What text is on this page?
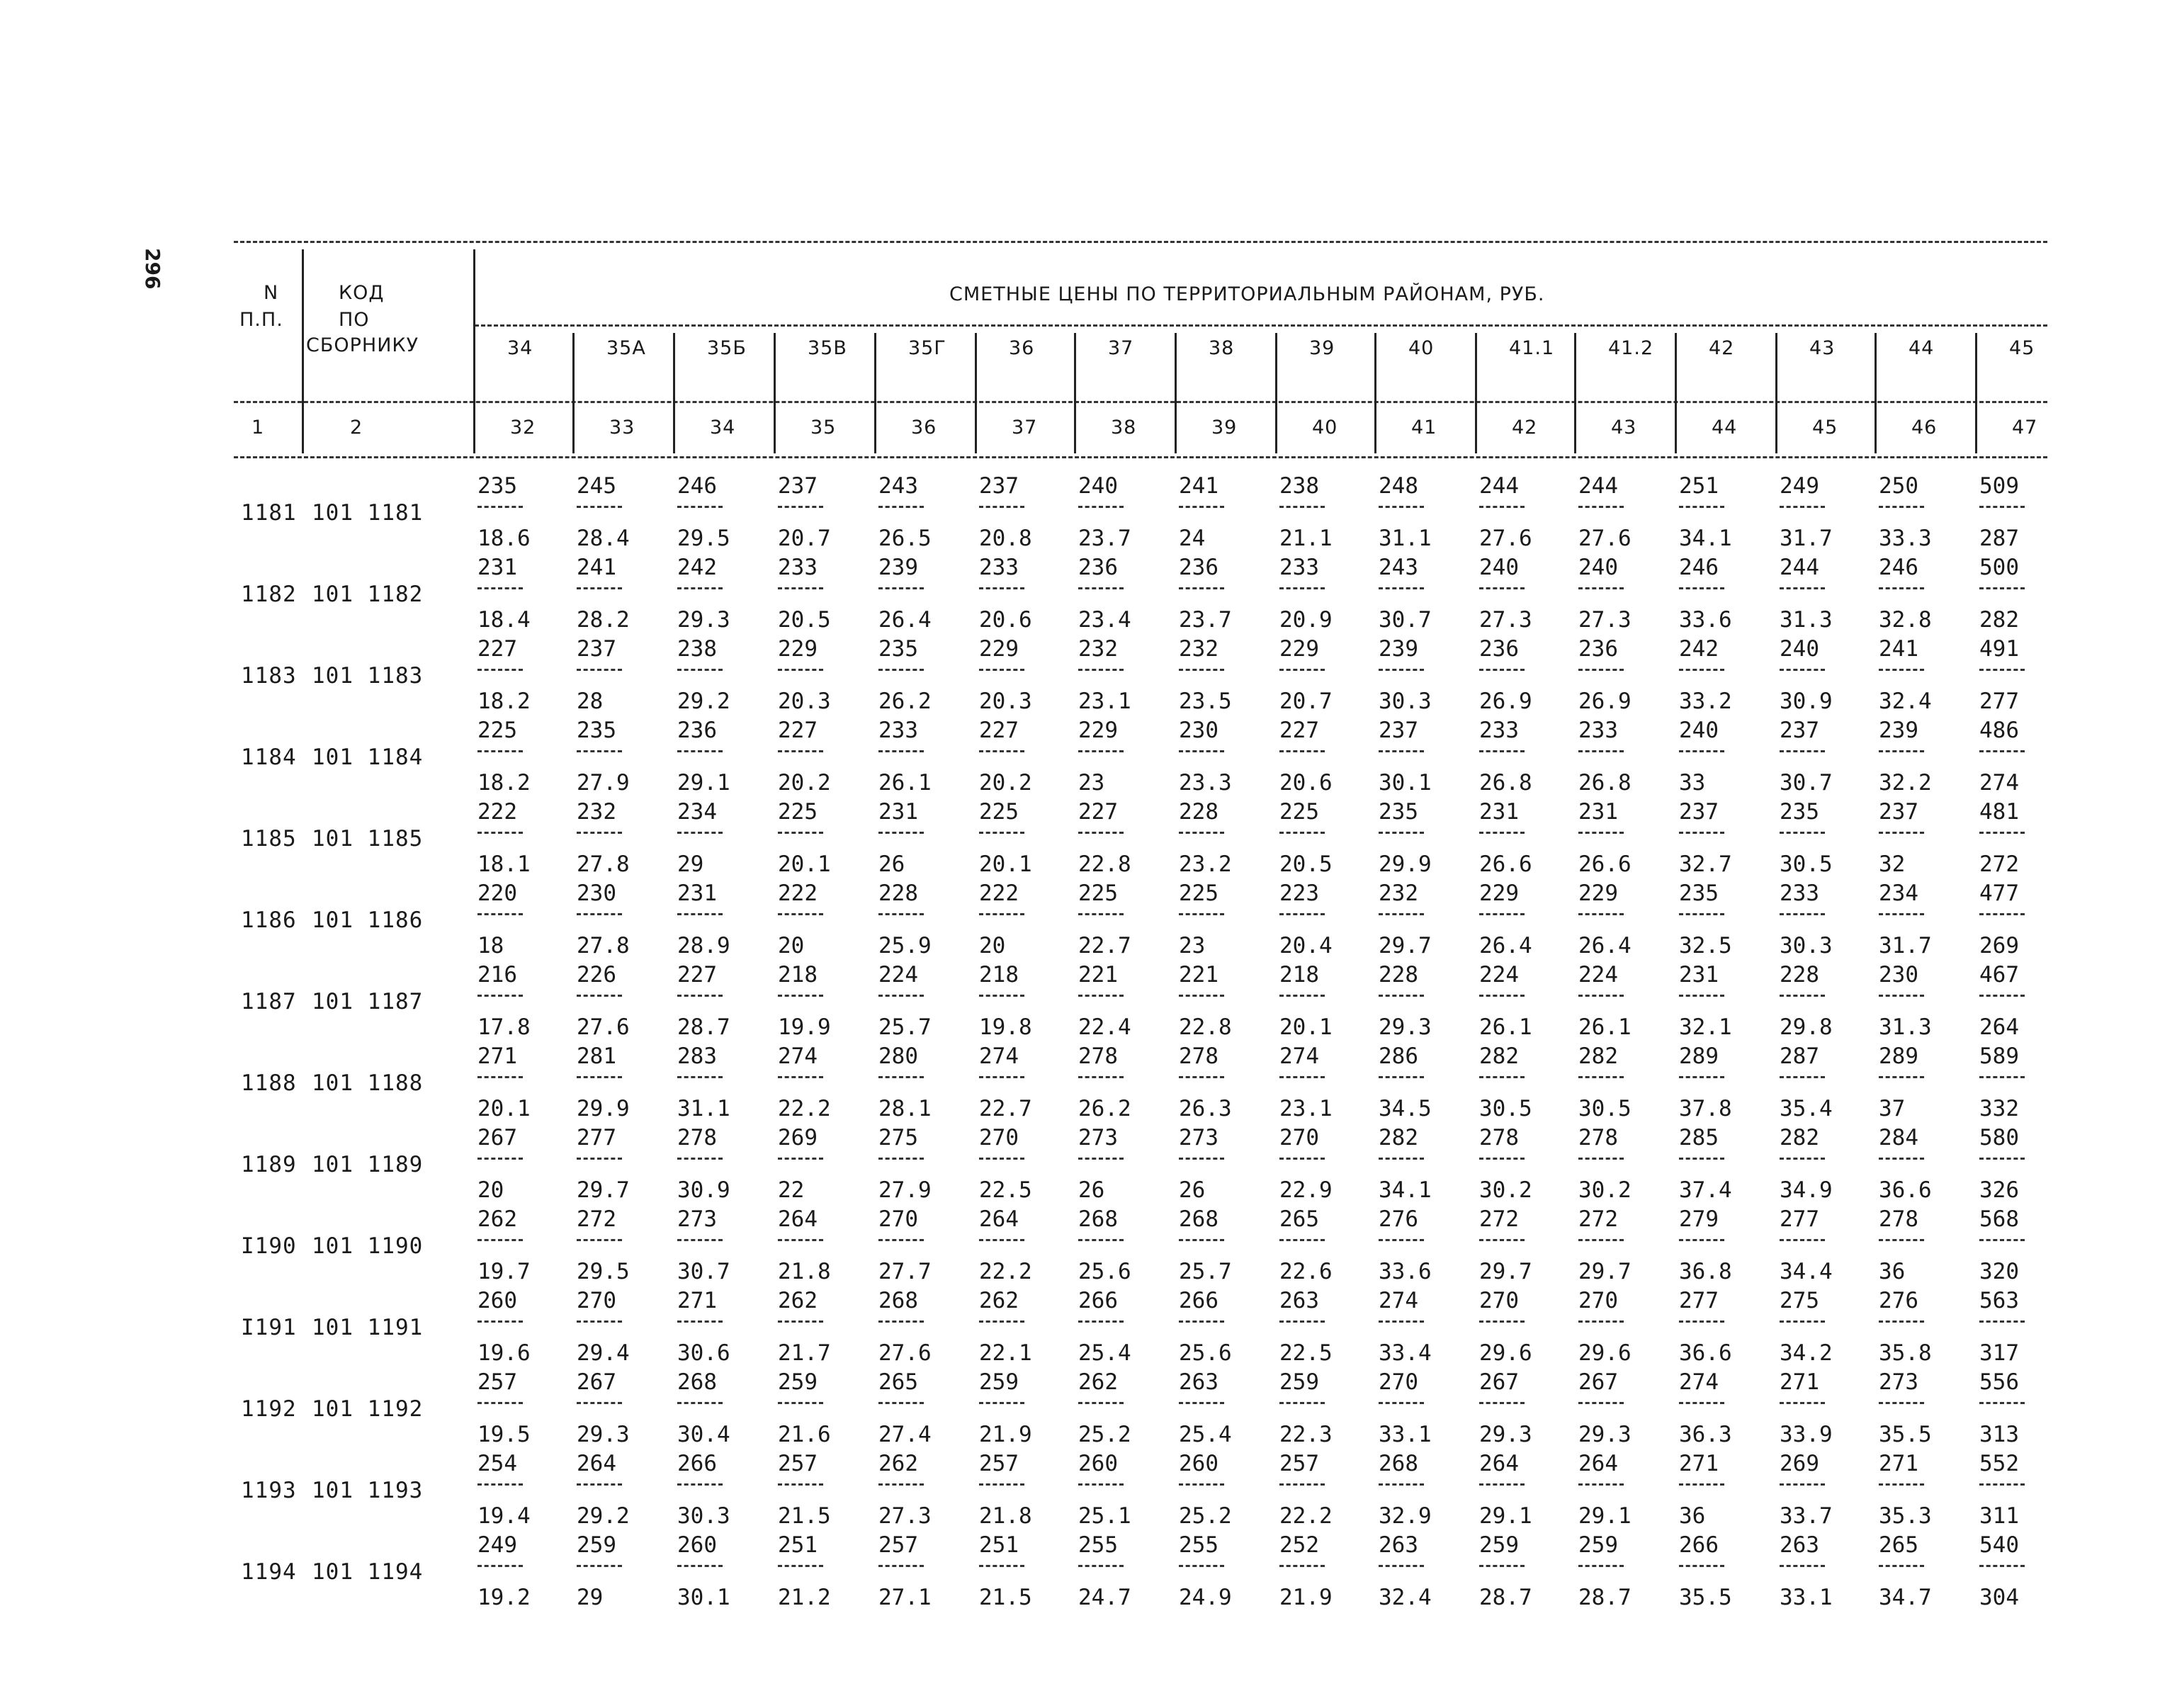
296
N
П.П.
КОД
ПО
СБОРНИКУ
СМЕТНЫЕ ЦЕНЫ ПО ТЕРРИТОРИАЛЬНЫМ РАЙОНАМ, РУБ.
1	2
34
32
35А
33
35Б
34
35В
35
35Г
36
36
37
37
38
38
39
39
40
40
41
41.1
42
41.2
43
42
44
43
45
44
46
45
47
1181 101 1181
235
18.6
245
28.4
246
29.5
237
20.7
243
26.5
237
20.8
240
23.7
241
24
238
21.1
248
31.1
244
27.6
244
27.6
251
34.1
249
31.7
250
33.3
509
287
1182 101 1182
231
18.4
241
28.2
242
29.3
233
20.5
239
26.4
233
20.6
236
23.4
236
23.7
233
20.9
243
30.7
240
27.3
240
27.3
246
33.6
244
31.3
246
32.8
500
282
1183 101 1183
227
18.2
237
28
238
29.2
229
20.3
235
26.2
229
20.3
232
23.1
232
23.5
229
20.7
239
30.3
236
26.9
236
26.9
242
33.2
240
30.9
241
32.4
491
277
1184 101 1184
225
18.2
235
27.9
236
29.1
227
20.2
233
26.1
227
20.2
229
23
230
23.3
227
20.6
237
30.1
233
26.8
233
26.8
240
33
237
30.7
239
32.2
486
274
1185 101 1185
222
18.1
232
27.8
234
29
225
20.1
231
26
225
20.1
227
22.8
228
23.2
225
20.5
235
29.9
231
26.6
231
26.6
237
32.7
235
30.5
237
32
481
272
1186 101 1186
220
18
230
27.8
231
28.9
222
20
228
25.9
222
20
225
22.7
225
23
223
20.4
232
29.7
229
26.4
229
26.4
235
32.5
233
30.3
234
31.7
477
269
1187 101 1187
216
17.8
226
27.6
227
28.7
218
19.9
224
25.7
218
19.8
221
22.4
221
22.8
218
20.1
228
29.3
224
26.1
224
26.1
231
32.1
228
29.8
230
31.3
467
264
1188 101 1188
271
20.1
281
29.9
283
31.1
274
22.2
280
28.1
274
22.7
278
26.2
278
26.3
274
23.1
286
34.5
282
30.5
282
30.5
289
37.8
287
35.4
289
37
589
332
1189 101 1189
267
20
277
29.7
278
30.9
269
22
275
27.9
270
22.5
273
26
273
26
270
22.9
282
34.1
278
30.2
278
30.2
285
37.4
282
34.9
284
36.6
580
326
I190 101 1190
262
19.7
272
29.5
273
30.7
264
21.8
270
27.7
264
22.2
268
25.6
268
25.7
265
22.6
276
33.6
272
29.7
272
29.7
279
36.8
277
34.4
278
36
568
320
I191 101 1191
260
19.6
270
29.4
271
30.6
262
21.7
268
27.6
262
22.1
266
25.4
266
25.6
263
22.5
274
33.4
270
29.6
270
29.6
277
36.6
275
34.2
276
35.8
563
317
1192 101 1192
257
19.5
267
29.3
268
30.4
259
21.6
265
27.4
259
21.9
262
25.2
263
25.4
259
22.3
270
33.1
267
29.3
267
29.3
274
36.3
271
33.9
273
35.5
556
313
1193 101 1193
254
19.4
264
29.2
266
30.3
257
21.5
262
27.3
257
21.8
260
25.1
260
25.2
257
22.2
268
32.9
264
29.1
264
29.1
271
36
269
33.7
271
35.3
552
311
1194 101 1194
249
19.2
259
29
260
30.1
251
21.2
257
27.1
251
21.5
255
24.7
255
24.9
252
21.9
263
32.4
259
28.7
259
28.7
266
35.5
263
33.1
265
34.7
540
304
